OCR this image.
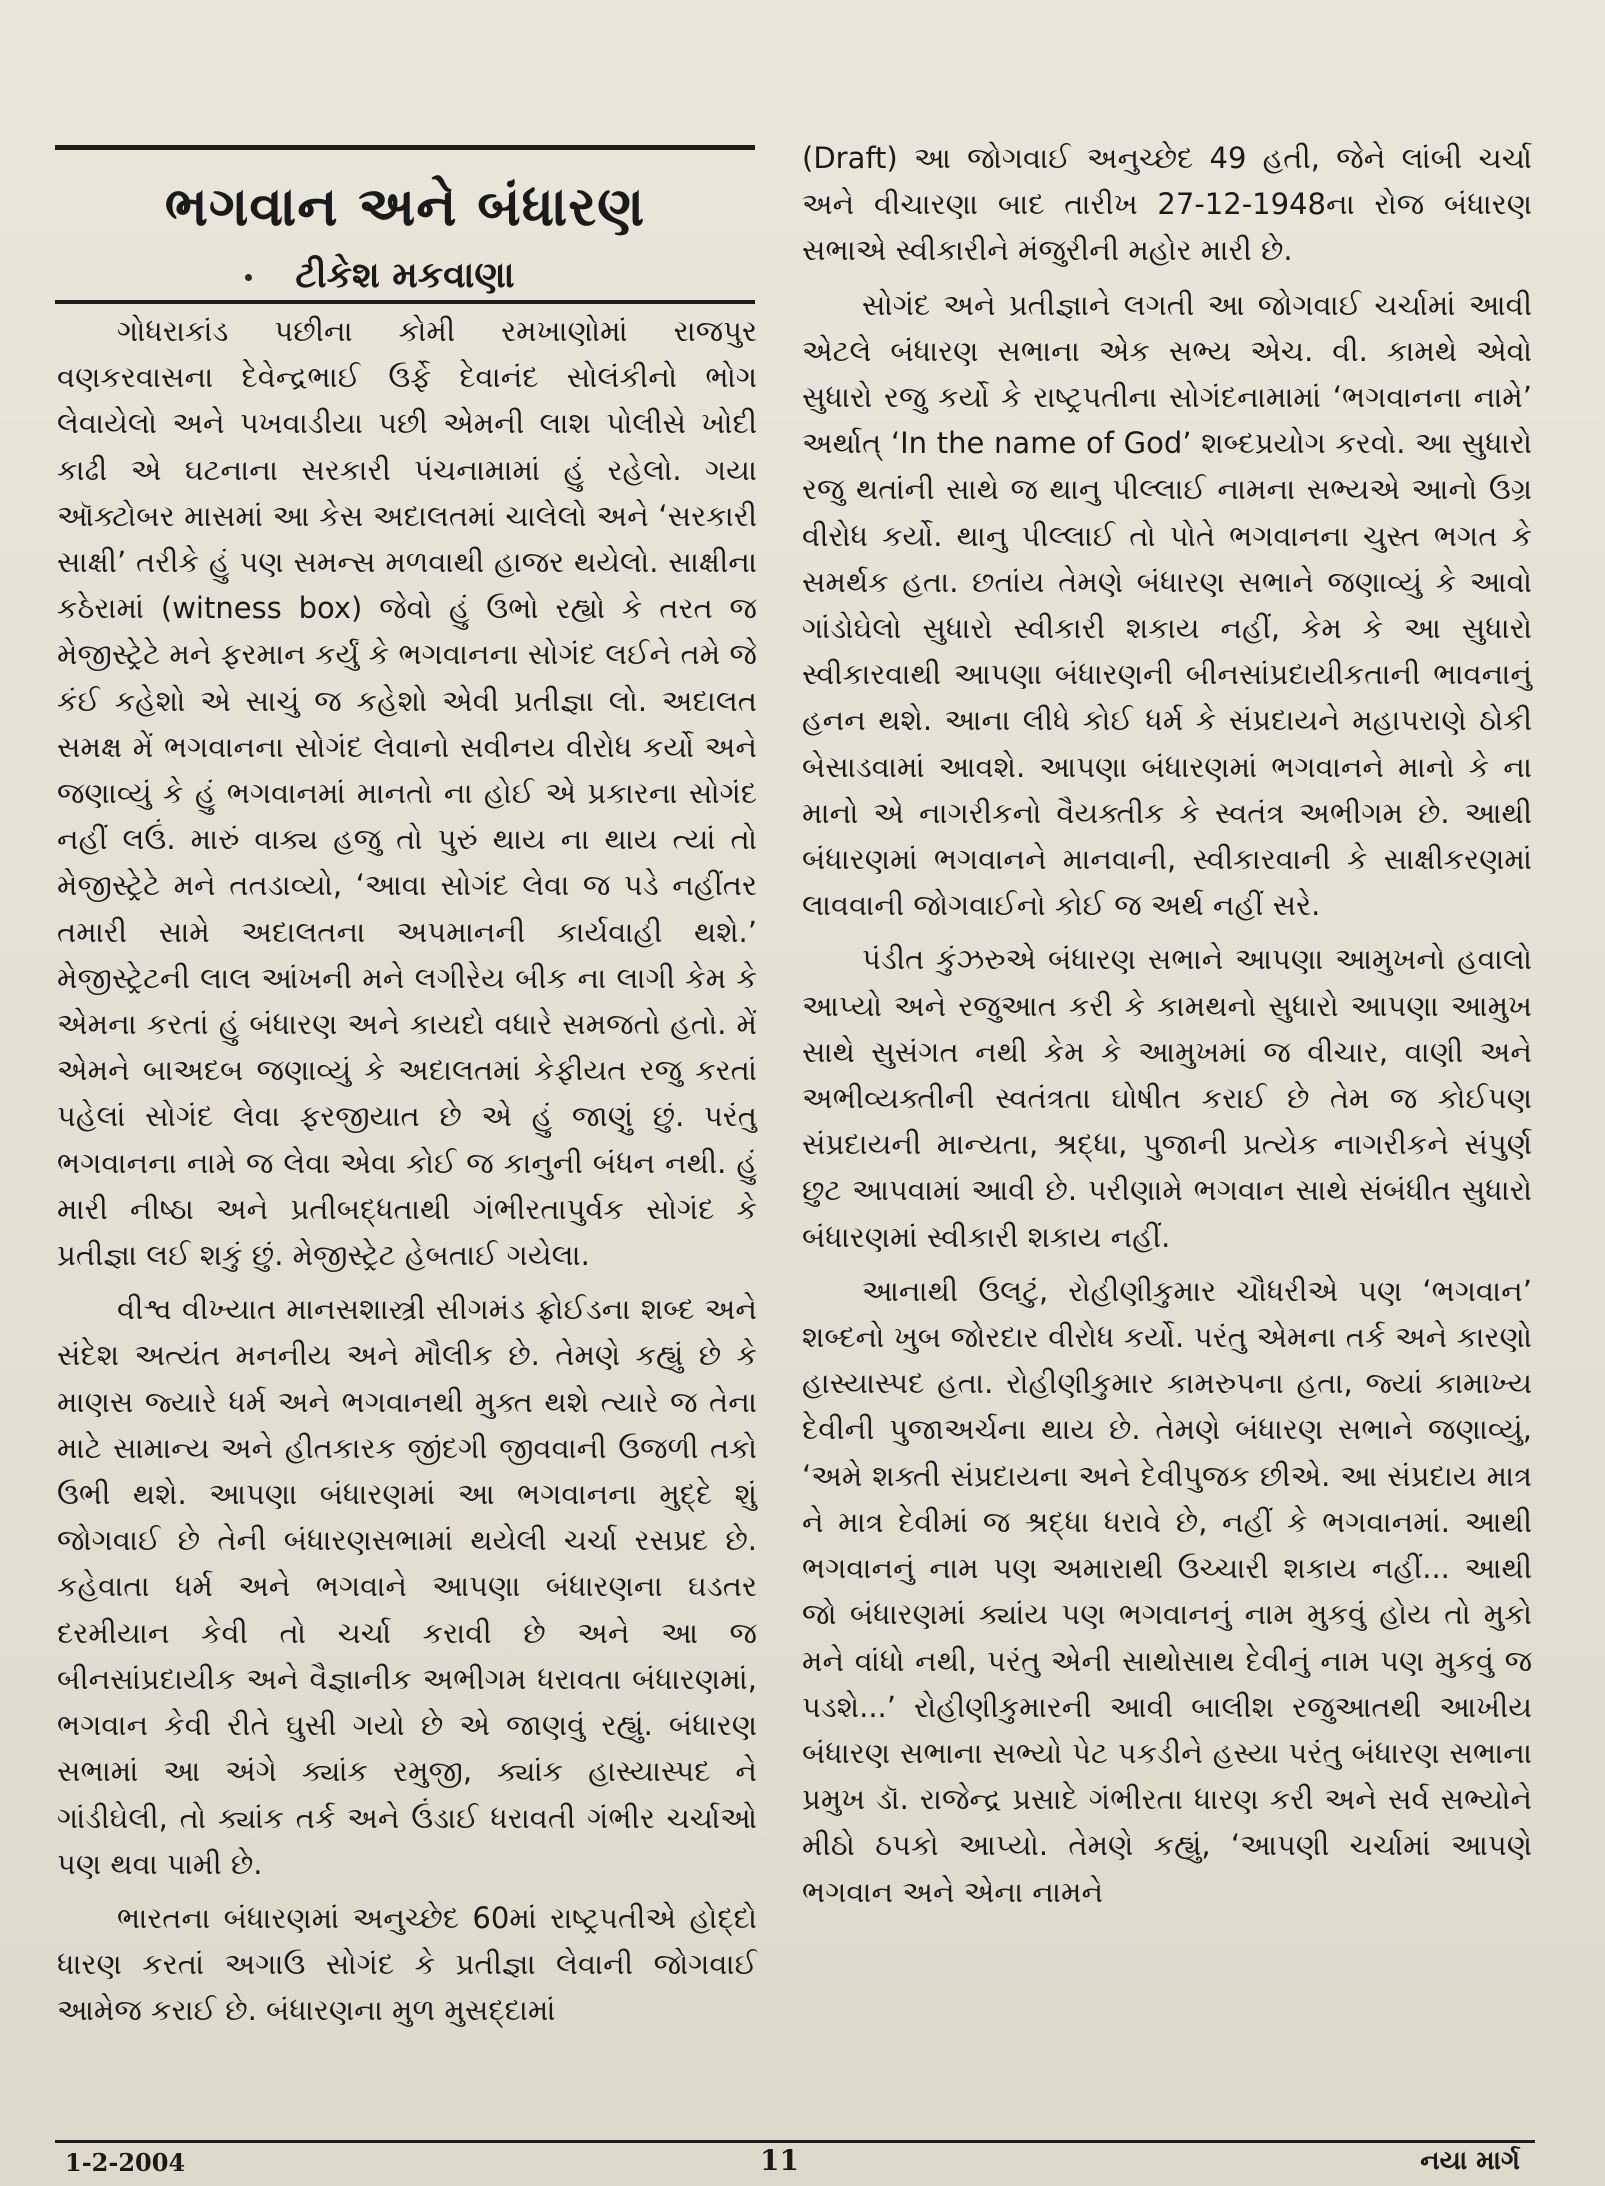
ભગવાન અને બંધારણ
ટીકેશ મકવાણા

ગોધરાકાંડ પછીના કોમી રમખાણોમાં રાજપુર વણકરવાસના દેવેન્દ્રભાઈ ઉર્ફે દેવાનંદ સોલંકીનો ભોગ લેવાયેલો અને પખવાડીયા પછી એમની લાશ પોલીસે ખોદી કાઢી એ ઘટનાના સરકારી પંચનામામાં હું રહેલો. ગયા ઑક્ટોબર માસમાં આ કેસ અદાલતમાં ચાલેલો અને ‘સરકારી સાક્ષી’ તરીકે હું પણ સમન્સ મળવાથી હાજર થયેલો. સાક્ષીના કઠેરામાં (witness box) જેવો હું ઉભો રહ્યો કે તરત જ મેજીસ્ટ્રેટે મને ફરમાન કર્યું કે ભગવાનના સોગંદ લઈને તમે જે કંઈ કહેશો એ સાચું જ કહેશો એવી પ્રતીજ્ઞા લો. અદાલત સમક્ષ મેં ભગવાનના સોગંદ લેવાનો સવીનય વીરોધ કર્યો અને જણાવ્યું કે હું ભગવાનમાં માનતો ના હોઈ એ પ્રકારના સોગંદ નહીં લઉં. મારું વાક્ય હજુ તો પુરું થાય ના થાય ત્યાં તો મેજીસ્ટ્રેટે મને તતડાવ્યો, ‘આવા સોગંદ લેવા જ પડે નહીંતર તમારી સામે અદાલતના અપમાનની કાર્યવાહી થશે.’ મેજીસ્ટ્રેટની લાલ આંખની મને લગીરેય બીક ના લાગી કેમ કે એમના કરતાં હું બંધારણ અને કાયદો વધારે સમજતો હતો. મેં એમને બાઅદબ જણાવ્યું કે અદાલતમાં કેફીયત રજુ કરતાં પહેલાં સોગંદ લેવા ફરજીયાત છે એ હું જાણું છું. પરંતુ ભગવાનના નામે જ લેવા એવા કોઈ જ કાનુની બંધન નથી. હું મારી નીષ્ઠા અને પ્રતીબદ્ધતાથી ગંભીરતાપુર્વક સોગંદ કે પ્રતીજ્ઞા લઈ શકું છું. મેજીસ્ટ્રેટ હેબતાઈ ગયેલા.

વીશ્વ વીખ્યાત માનસશાસ્ત્રી સીગમંડ ફ્રોઈડના શબ્દ અને સંદેશ અત્યંત મનનીય અને મૌલીક છે. તેમણે કહ્યું છે કે માણસ જ્યારે ધર્મ અને ભગવાનથી મુક્ત થશે ત્યારે જ તેના માટે સામાન્ય અને હીતકારક જીંદગી જીવવાની ઉજળી તકો ઉભી થશે. આપણા બંધારણમાં આ ભગવાનના મુદ્દે શું જોગવાઈ છે તેની બંધારણસભામાં થયેલી ચર્ચા રસપ્રદ છે. કહેવાતા ધર્મ અને ભગવાને આપણા બંધારણના ઘડતર દરમીયાન કેવી તો ચર્ચા કરાવી છે અને આ જ બીનસાંપ્રદાયીક અને વૈજ્ઞાનીક અભીગમ ધરાવતા બંધારણમાં, ભગવાન કેવી રીતે ઘુસી ગયો છે એ જાણવું રહ્યું. બંધારણ સભામાં આ અંગે ક્યાંક રમુજી, ક્યાંક હાસ્યાસ્પદ ને ગાંડીઘેલી, તો ક્યાંક તર્ક અને ઉંડાઈ ધરાવતી ગંભીર ચર્ચાઓ પણ થવા પામી છે.

ભારતના બંધારણમાં અનુચ્છેદ 60માં રાષ્ટ્રપતીએ હોદ્દો ધારણ કરતાં અગાઉ સોગંદ કે પ્રતીજ્ઞા લેવાની જોગવાઈ આમેજ કરાઈ છે. બંધારણના મુળ મુસદ્દામાં

(Draft) આ જોગવાઈ અનુચ્છેદ 49 હતી, જેને લાંબી ચર્ચા અને વીચારણા બાદ તારીખ 27-12-1948ના રોજ બંધારણ સભાએ સ્વીકારીને મંજુરીની મહોર મારી છે.

સોગંદ અને પ્રતીજ્ઞાને લગતી આ જોગવાઈ ચર્ચામાં આવી એટલે બંધારણ સભાના એક સભ્ય એચ. વી. કામથે એવો સુધારો રજુ કર્યો કે રાષ્ટ્રપતીના સોગંદનામામાં ‘ભગવાનના નામે’ અર્થાત્ ‘In the name of God’ શબ્દપ્રયોગ કરવો. આ સુધારો રજુ થતાંની સાથે જ થાનુ પીલ્લાઈ નામના સભ્યએ આનો ઉગ્ર વીરોધ કર્યો. થાનુ પીલ્લાઈ તો પોતે ભગવાનના ચુસ્ત ભગત કે સમર્થક હતા. છતાંય તેમણે બંધારણ સભાને જણાવ્યું કે આવો ગાંડોઘેલો સુધારો સ્વીકારી શકાય નહીં, કેમ કે આ સુધારો સ્વીકારવાથી આપણા બંધારણની બીનસાંપ્રદાયીકતાની ભાવનાનું હનન થશે. આના લીધે કોઈ ધર્મ કે સંપ્રદાયને મહાપરાણે ઠોકી બેસાડવામાં આવશે. આપણા બંધારણમાં ભગવાનને માનો કે ના માનો એ નાગરીકનો વૈયક્તીક કે સ્વતંત્ર અભીગમ છે. આથી બંધારણમાં ભગવાનને માનવાની, સ્વીકારવાની કે સાક્ષીકરણમાં લાવવાની જોગવાઈનો કોઈ જ અર્થ નહીં સરે.

પંડીત કુંઝરુએ બંધારણ સભાને આપણા આમુખનો હવાલો આપ્યો અને રજુઆત કરી કે કામથનો સુધારો આપણા આમુખ સાથે સુસંગત નથી કેમ કે આમુખમાં જ વીચાર, વાણી અને અભીવ્યક્તીની સ્વતંત્રતા ઘોષીત કરાઈ છે તેમ જ કોઈપણ સંપ્રદાયની માન્યતા, શ્રદ્ધા, પુજાની પ્રત્યેક નાગરીકને સંપુર્ણ છુટ આપવામાં આવી છે. પરીણામે ભગવાન સાથે સંબંધીત સુધારો બંધારણમાં સ્વીકારી શકાય નહીં.

આનાથી ઉલટું, રોહીણીકુમાર ચૌધરીએ પણ ‘ભગવાન’ શબ્દનો ખુબ જોરદાર વીરોધ કર્યો. પરંતુ એમના તર્ક અને કારણો હાસ્યાસ્પદ હતા. રોહીણીકુમાર કામરુપના હતા, જ્યાં કામાખ્ય દેવીની પુજાઅર્ચના થાય છે. તેમણે બંધારણ સભાને જણાવ્યું, ‘અમે શક્તી સંપ્રદાયના અને દેવીપુજક છીએ. આ સંપ્રદાય માત્ર ને માત્ર દેવીમાં જ શ્રદ્ધા ધરાવે છે, નહીં કે ભગવાનમાં. આથી ભગવાનનું નામ પણ અમારાથી ઉચ્ચારી શકાય નહીં... આથી જો બંધારણમાં ક્યાંય પણ ભગવાનનું નામ મુકવું હોય તો મુકો મને વાંધો નથી, પરંતુ એની સાથોસાથ દેવીનું નામ પણ મુકવું જ પડશે...’ રોહીણીકુમારની આવી બાલીશ રજુઆતથી આખીય બંધારણ સભાના સભ્યો પેટ પકડીને હસ્યા પરંતુ બંધારણ સભાના પ્રમુખ ડૉ. રાજેન્દ્ર પ્રસાદે ગંભીરતા ધારણ કરી અને સર્વ સભ્યોને મીઠો ઠપકો આપ્યો. તેમણે કહ્યું, ‘આપણી ચર્ચામાં આપણે ભગવાન અને એના નામને

1-2-2004	11	નયા માર્ગ
